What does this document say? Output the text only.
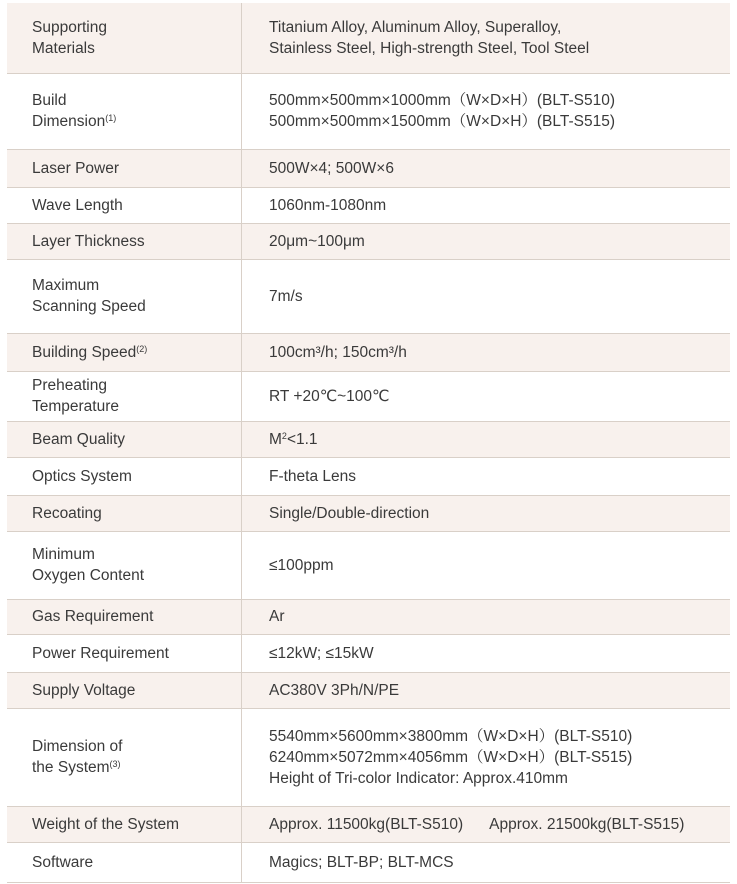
Supporting
Materials	Titanium Alloy, Aluminum Alloy, Superalloy,
Stainless Steel, High-strength Steel, Tool Steel

Build
Dimension$^{(1)}$	500mm×500mm×1000mm（W×D×H）(BLT-S510)
500mm×500mm×1500mm（W×D×H）(BLT-S515)

Laser Power	500W×4; 500W×6
Wave Length	1060nm-1080nm
Layer Thickness	20μm~100μm

Maximum
Scanning Speed	7m/s
Building Speed$^{(2)}$	100cm³/h; 150cm³/h

Preheating
Temperature	RT +20℃~100℃
Beam Quality	$M^2<1.1$
Optics System	F-theta Lens
Recoating	Single/Double-direction

Minimum
Oxygen Content	≤100ppm
Gas Requirement	Ar
Power Requirement	≤12kW; ≤15kW
Supply Voltage	AC380V 3Ph/N/PE

Dimension of
the System$^{(3)}$	5540mm×5600mm×3800mm（W×D×H）(BLT-S510)
6240mm×5072mm×4056mm（W×D×H）(BLT-S515)
Height of Tri-color Indicator: Approx.410mm

Weight of the System	Approx. 11500kg(BLT-S510) Approx. 21500kg(BLT-S515)
Software	Magics; BLT-BP; BLT-MCS
